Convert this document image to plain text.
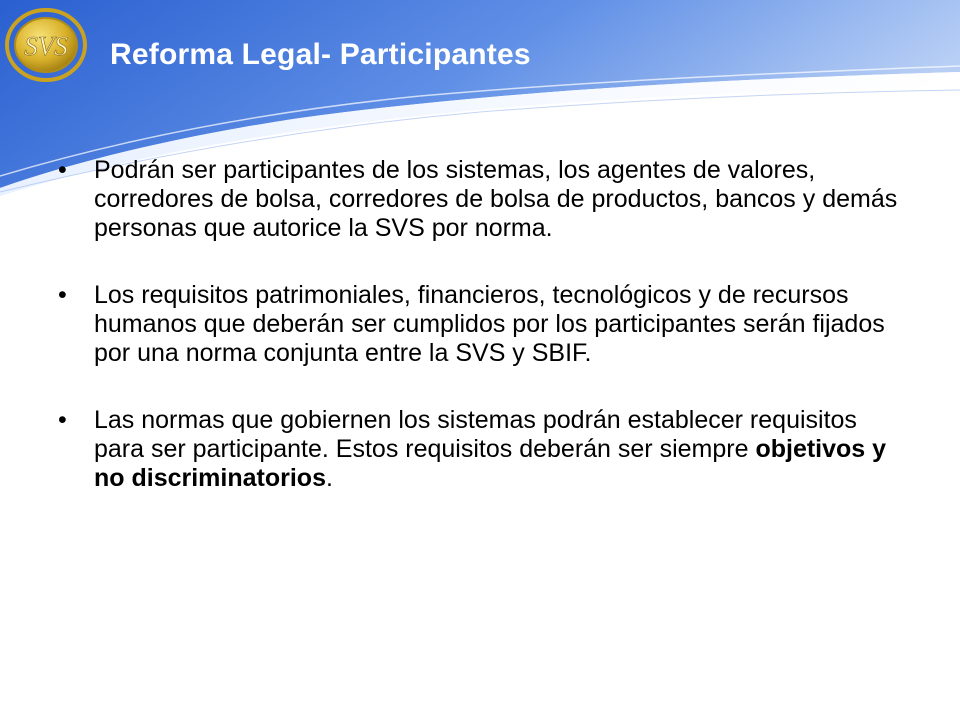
SVS Reforma Legal- Participantes
•	Podrán ser participantes de los sistemas, los agentes de valores, corredores de bolsa, corredores de bolsa de productos, bancos y demás personas que autorice la SVS por norma.
•	Los requisitos patrimoniales, financieros, tecnológicos y de recursos humanos que deberán ser cumplidos por los participantes serán fijados por una norma conjunta entre la SVS y SBIF.
•	Las normas que gobiernen los sistemas podrán establecer requisitos para ser participante. Estos requisitos deberán ser siempre objetivos y no discriminatorios.
